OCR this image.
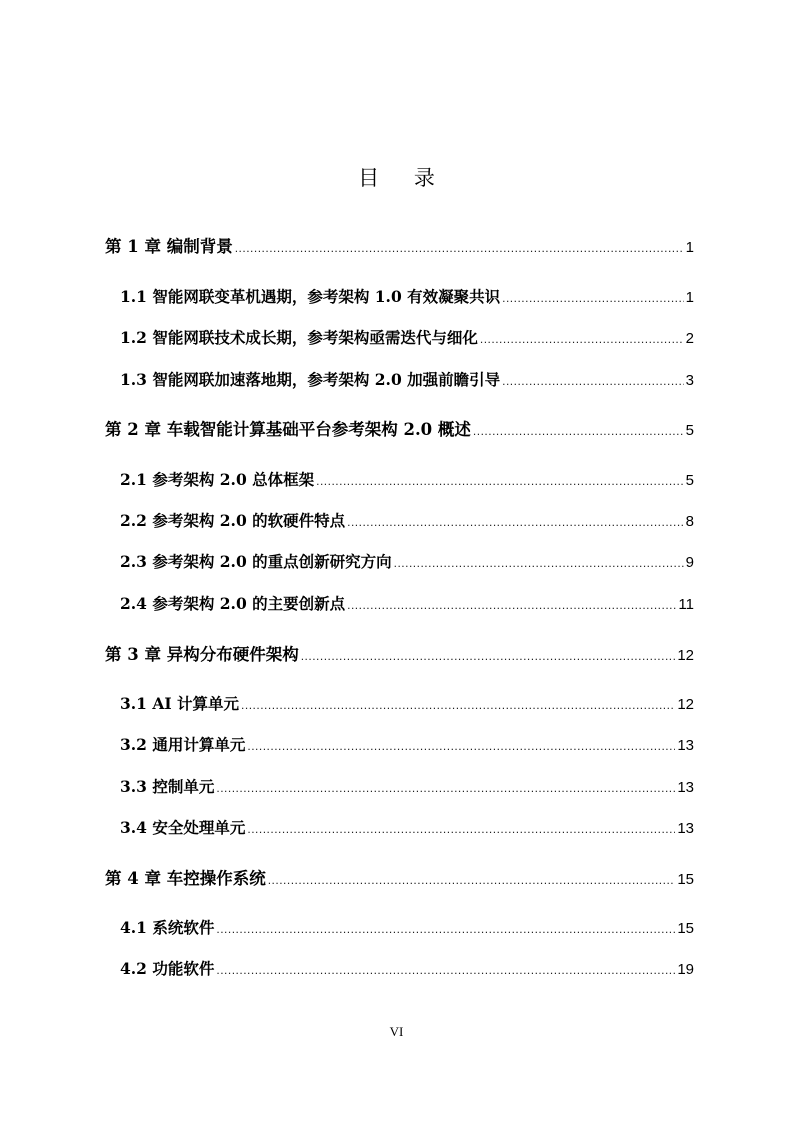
目 录
第 1 章 编制背景 .....	1
1.1 智能网联变革机遇期，参考架构 1.0 有效凝聚共识 .....	1
1.2 智能网联技术成长期，参考架构亟需迭代与细化 .....	2
1.3 智能网联加速落地期，参考架构 2.0 加强前瞻引导 .....	3
第 2 章 车载智能计算基础平台参考架构 2.0 概述 .....	5
2.1 参考架构 2.0 总体框架 .....	5
2.2 参考架构 2.0 的软硬件特点 .....	8
2.3 参考架构 2.0 的重点创新研究方向 .....	9
2.4 参考架构 2.0 的主要创新点 .....	11
第 3 章 异构分布硬件架构 .....	12
3.1 AI 计算单元 .....	12
3.2 通用计算单元 .....	13
3.3 控制单元 .....	13
3.4 安全处理单元 .....	13
第 4 章 车控操作系统 .....	15
4.1 系统软件 .....	15
4.2 功能软件 .....	19
VI
